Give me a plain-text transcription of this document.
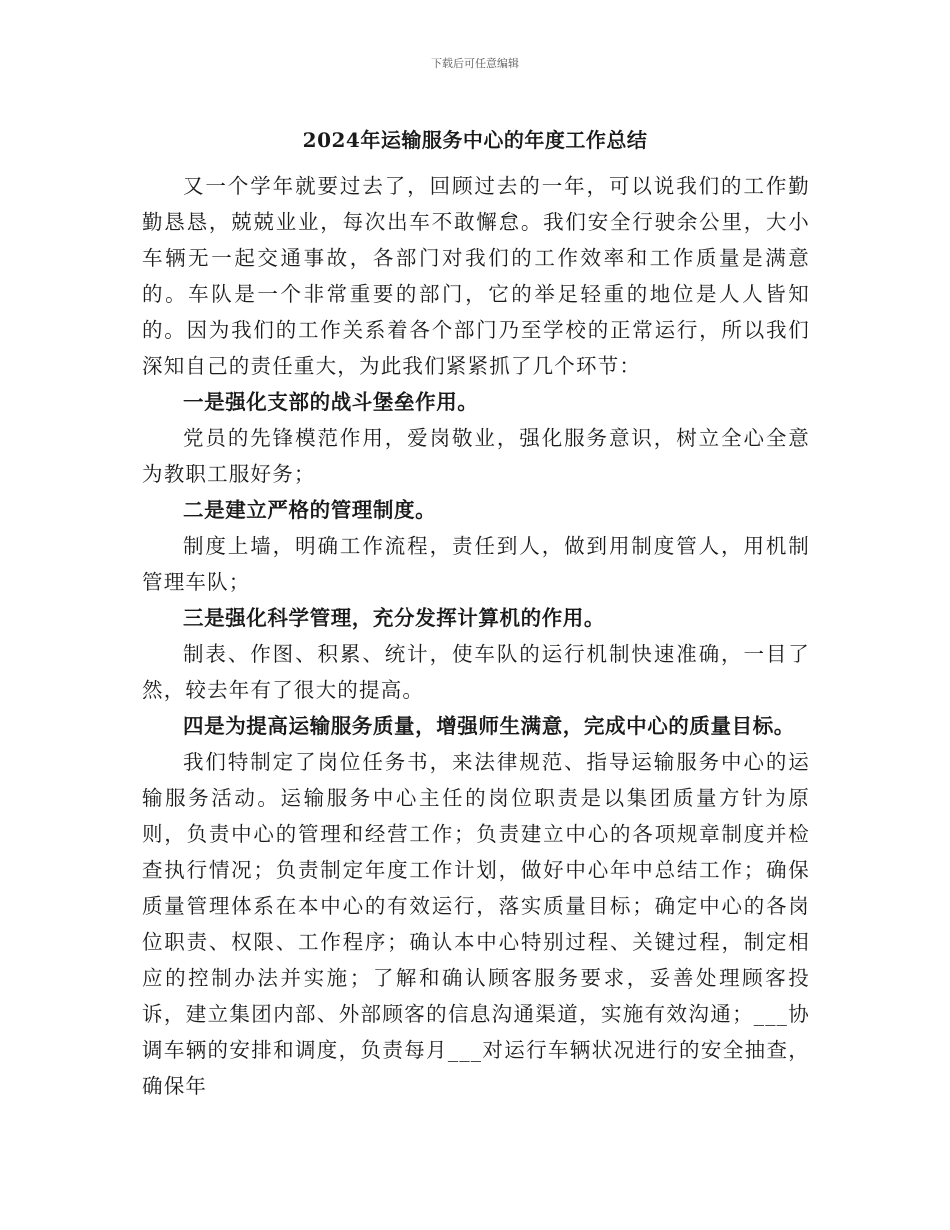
下载后可任意编辑
2024年运输服务中心的年度工作总结

又一个学年就要过去了，回顾过去的一年，可以说我们的工作勤勤恳恳，兢兢业业，每次出车不敢懈怠。我们安全行驶余公里，大小车辆无一起交通事故，各部门对我们的工作效率和工作质量是满意的。车队是一个非常重要的部门，它的举足轻重的地位是人人皆知的。因为我们的工作关系着各个部门乃至学校的正常运行，所以我们深知自己的责任重大，为此我们紧紧抓了几个环节：

一是强化支部的战斗堡垒作用。

党员的先锋模范作用，爱岗敬业，强化服务意识，树立全心全意为教职工服好务；

二是建立严格的管理制度。

制度上墙，明确工作流程，责任到人，做到用制度管人，用机制管理车队；

三是强化科学管理，充分发挥计算机的作用。

制表、作图、积累、统计，使车队的运行机制快速准确，一目了然，较去年有了很大的提高。

四是为提高运输服务质量，增强师生满意，完成中心的质量目标。

我们特制定了岗位任务书，来法律规范、指导运输服务中心的运输服务活动。运输服务中心主任的岗位职责是以集团质量方针为原则，负责中心的管理和经营工作；负责建立中心的各项规章制度并检查执行情况；负责制定年度工作计划，做好中心年中总结工作；确保质量管理体系在本中心的有效运行，落实质量目标；确定中心的各岗位职责、权限、工作程序；确认本中心特别过程、关键过程，制定相应的控制办法并实施；了解和确认顾客服务要求，妥善处理顾客投诉，建立集团内部、外部顾客的信息沟通渠道，实施有效沟通；___协调车辆的安排和调度，负责每月___对运行车辆状况进行的安全抽查，确保年
